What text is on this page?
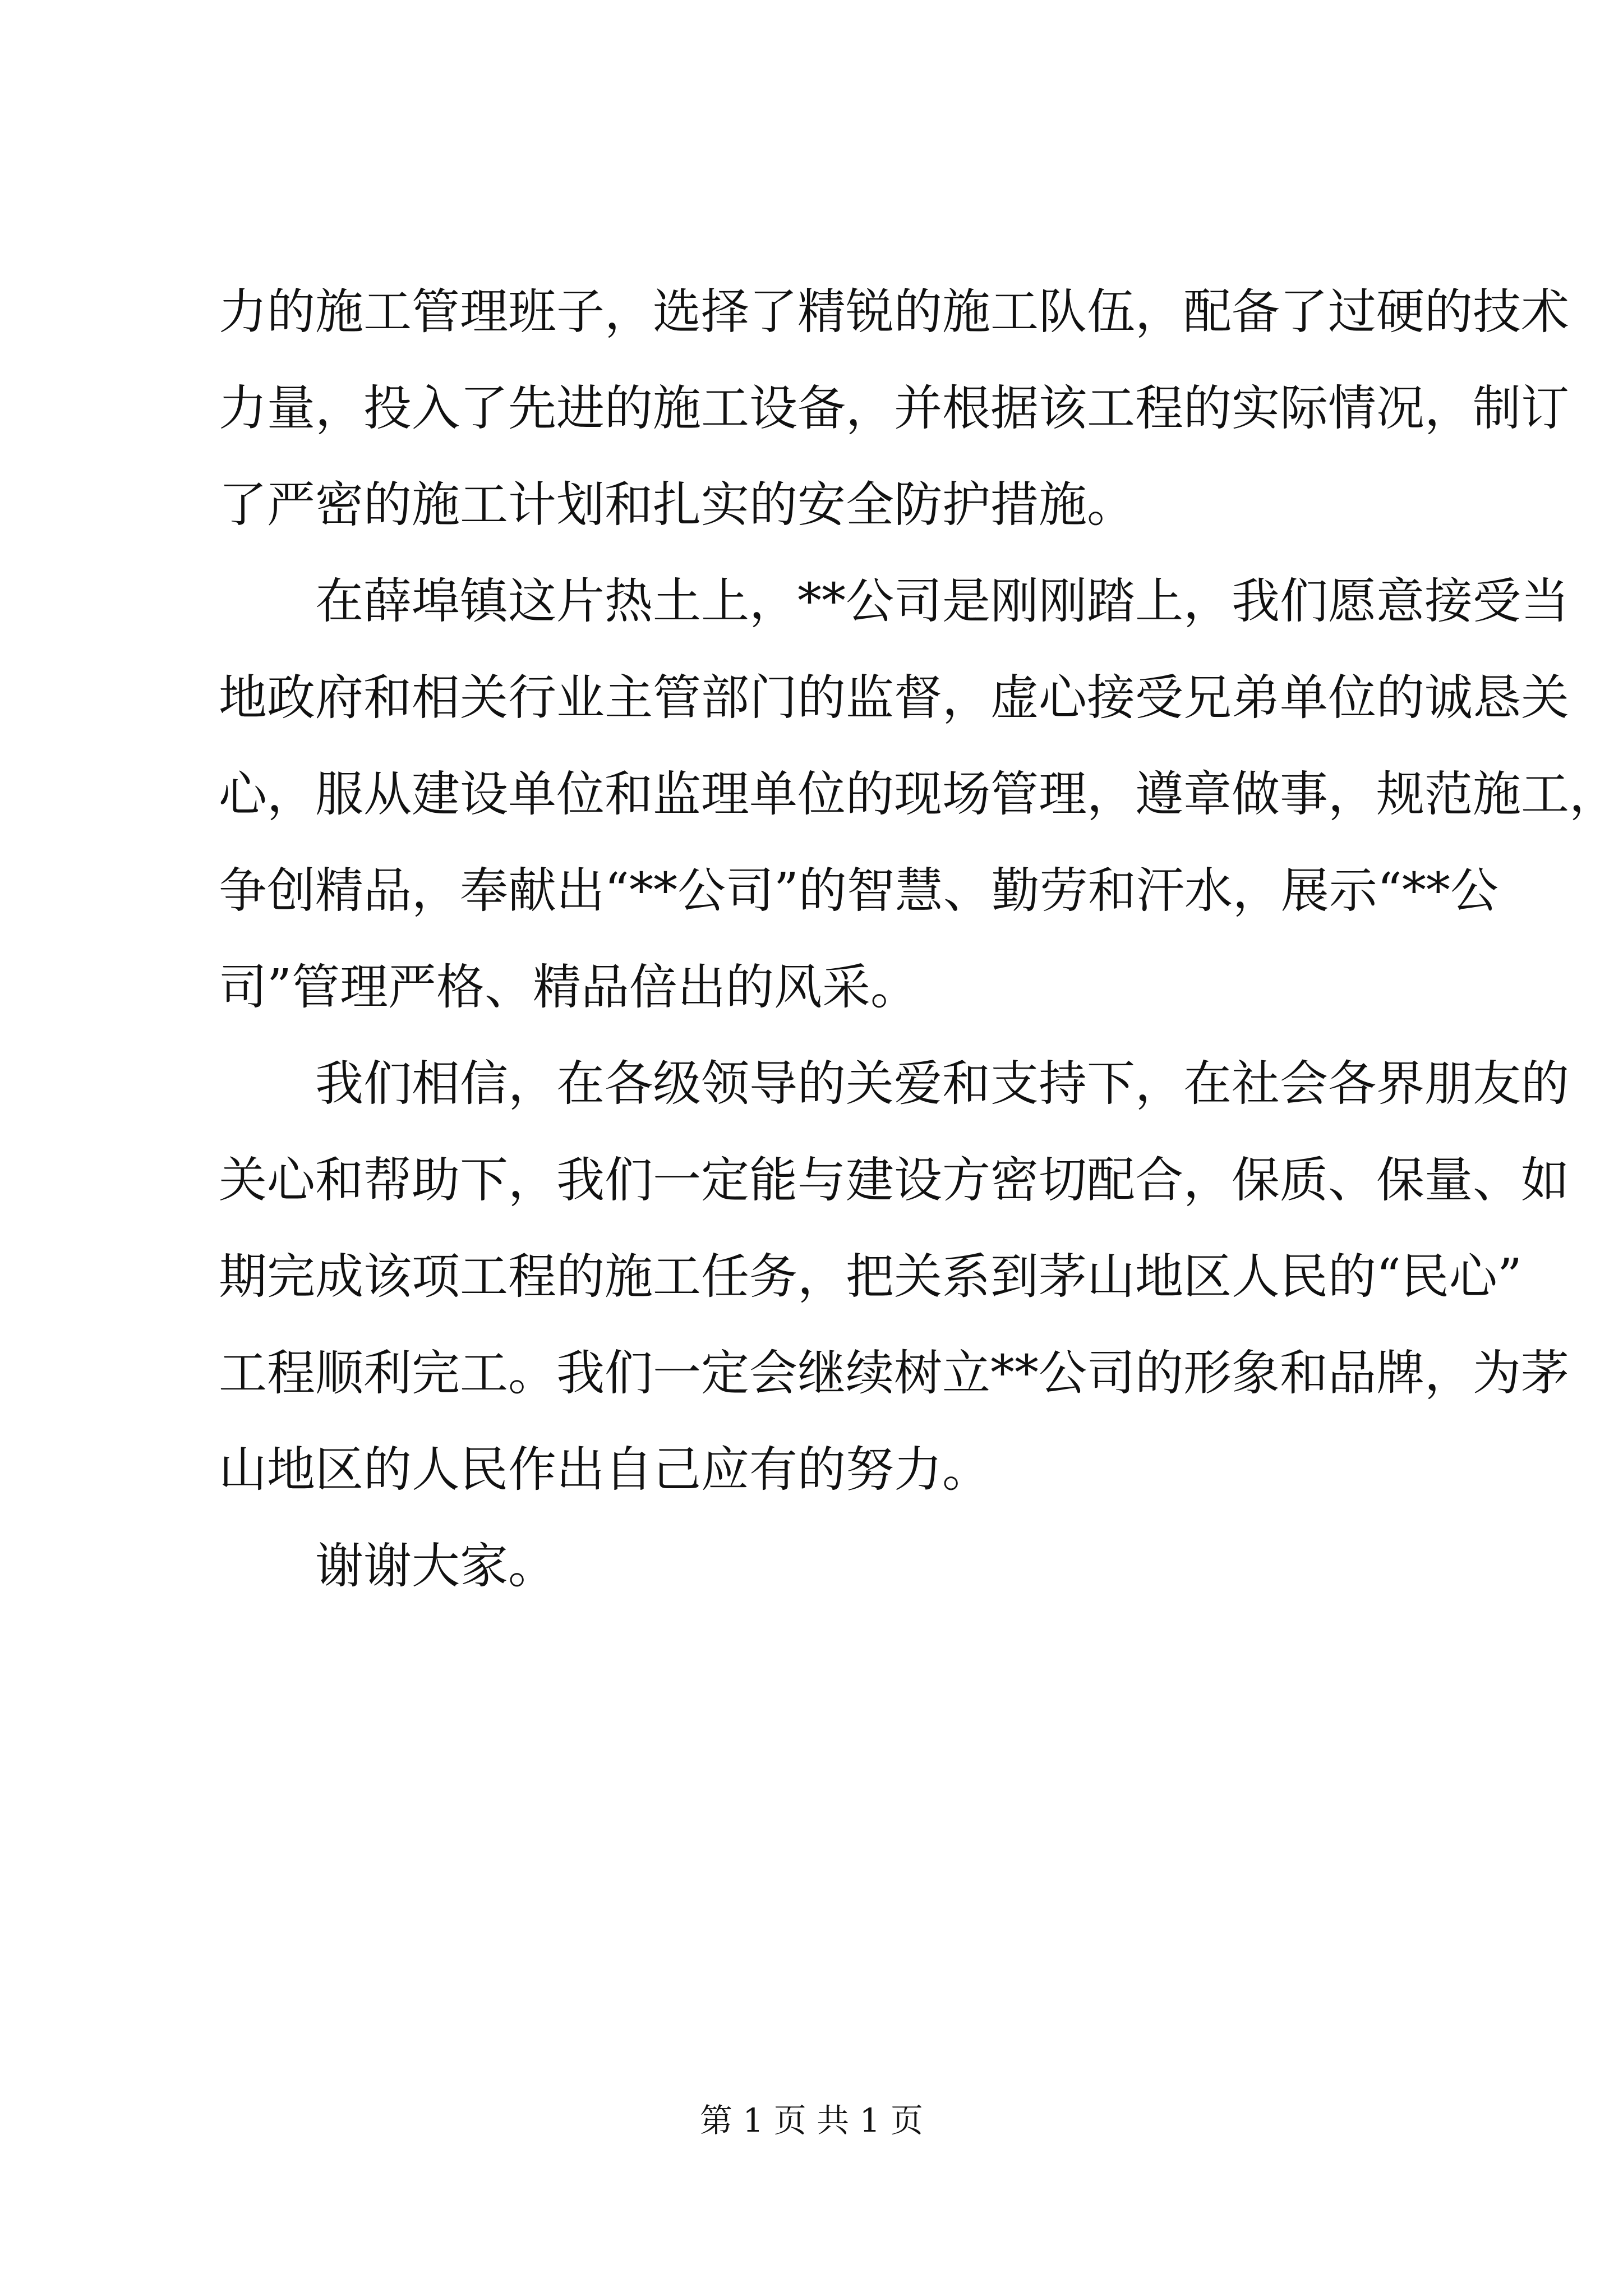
力的施工管理班子，选择了精锐的施工队伍，配备了过硬的技术
力量，投入了先进的施工设备，并根据该工程的实际情况，制订
了严密的施工计划和扎实的安全防护措施。
在薛埠镇这片热土上，**公司是刚刚踏上，我们愿意接受当
地政府和相关行业主管部门的监督，虚心接受兄弟单位的诚恳关
心，服从建设单位和监理单位的现场管理，遵章做事，规范施工，
争创精品，奉献出“**公司”的智慧、勤劳和汗水，展示“**公
司”管理严格、精品倍出的风采。
我们相信，在各级领导的关爱和支持下，在社会各界朋友的
关心和帮助下，我们一定能与建设方密切配合，保质、保量、如
期完成该项工程的施工任务，把关系到茅山地区人民的“民心”
工程顺利完工。我们一定会继续树立**公司的形象和品牌，为茅
山地区的人民作出自己应有的努力。
谢谢大家。
第 1 页 共 1 页
